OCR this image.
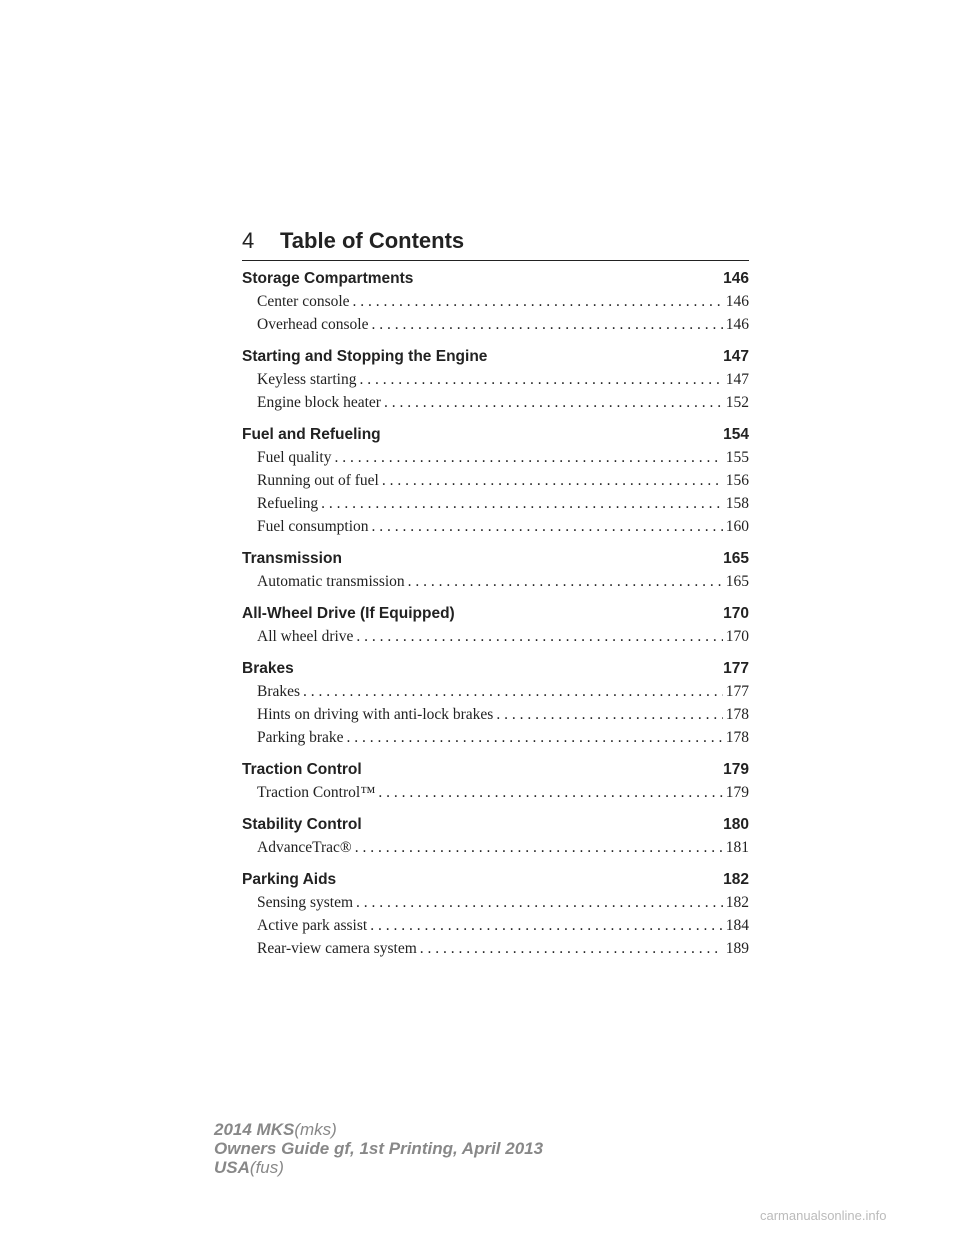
4 Table of Contents
Storage Compartments	146
Center console . . .	146
Overhead console . . .	146
Starting and Stopping the Engine	147
Keyless starting . . .	147
Engine block heater . . .	152
Fuel and Refueling	154
Fuel quality . . .	155
Running out of fuel . . .	156
Refueling . . .	158
Fuel consumption . . .	160
Transmission	165
Automatic transmission . . .	165
All-Wheel Drive (If Equipped)	170
All wheel drive . . .	170
Brakes	177
Brakes . . .	177
Hints on driving with anti-lock brakes . . .	178
Parking brake . . .	178
Traction Control	179
Traction Control™ . . .	179
Stability Control	180
AdvanceTrac® . . .	181
Parking Aids	182
Sensing system . . .	182
Active park assist . . .	184
Rear-view camera system . . .	189
2014 MKS(mks)
Owners Guide gf, 1st Printing, April 2013
USA(fus)
carmanualsonline.info
